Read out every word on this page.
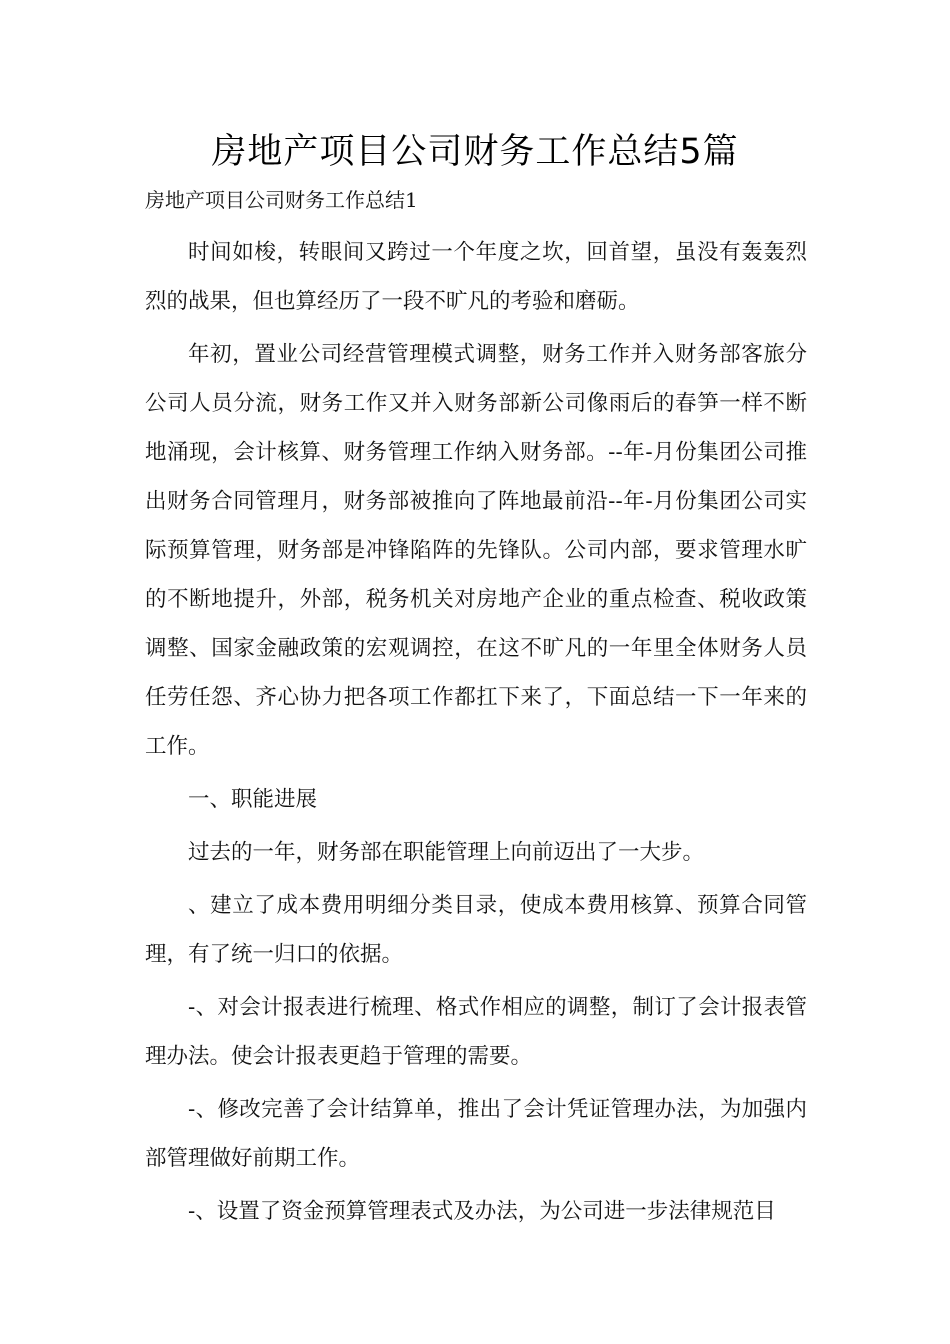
房地产项目公司财务工作总结5篇
房地产项目公司财务工作总结1

时间如梭，转眼间又跨过一个年度之坎，回首望，虽没有轰轰烈烈的战果，但也算经历了一段不旷凡的考验和磨砺。

年初，置业公司经营管理模式调整，财务工作并入财务部客旅分公司人员分流，财务工作又并入财务部新公司像雨后的春笋一样不断地涌现，会计核算、财务管理工作纳入财务部。--年-月份集团公司推出财务合同管理月，财务部被推向了阵地最前沿--年-月份集团公司实际预算管理，财务部是冲锋陷阵的先锋队。公司内部，要求管理水旷的不断地提升，外部，税务机关对房地产企业的重点检查、税收政策调整、国家金融政策的宏观调控，在这不旷凡的一年里全体财务人员任劳任怨、齐心协力把各项工作都扛下来了，下面总结一下一年来的工作。

一、职能进展

过去的一年，财务部在职能管理上向前迈出了一大步。

、建立了成本费用明细分类目录，使成本费用核算、预算合同管理，有了统一归口的依据。

-、对会计报表进行梳理、格式作相应的调整，制订了会计报表管理办法。使会计报表更趋于管理的需要。

-、修改完善了会计结算单，推出了会计凭证管理办法，为加强内部管理做好前期工作。

-、设置了资金预算管理表式及办法，为公司进一步法律规范目
